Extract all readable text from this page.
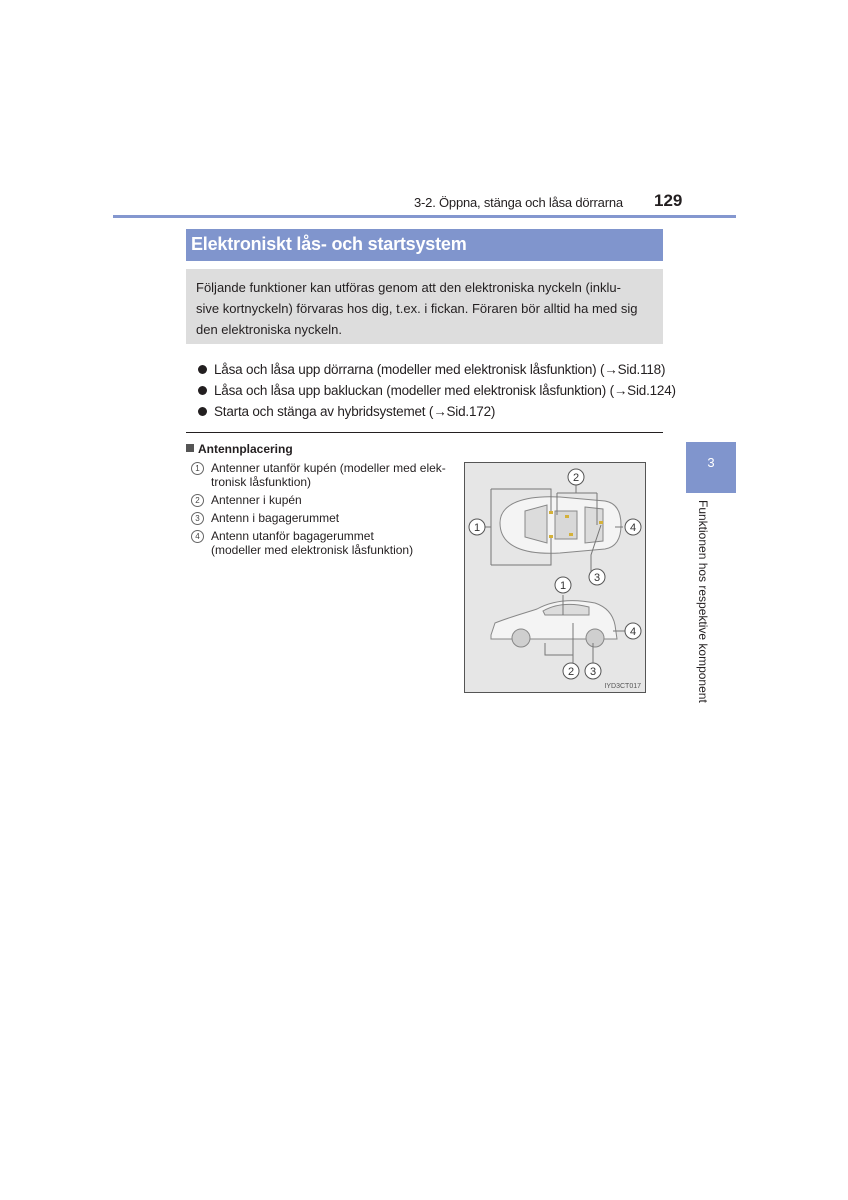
3-2. Öppna, stänga och låsa dörrarna 129
Elektroniskt lås- och startsystem
Följande funktioner kan utföras genom att den elektroniska nyckeln (inklu-
sive kortnyckeln) förvaras hos dig, t.ex. i fickan. Föraren bör alltid ha med sig
den elektroniska nyckeln.
Låsa och låsa upp dörrarna (modeller med elektronisk låsfunktion) (→Sid.118)
Låsa och låsa upp bakluckan (modeller med elektronisk låsfunktion) (→Sid.124)
Starta och stänga av hybridsystemet (→Sid.172)
Antennplacering
1 Antenner utanför kupén (modeller med elek-
tronisk låsfunktion)
2 Antenner i kupén
3 Antenn i bagagerummet
4 Antenn utanför bagagerummet
(modeller med elektronisk låsfunktion)
1
2
3
4
1
2 3
4
IYD3CT017
3
Funktionen hos respektive komponent
